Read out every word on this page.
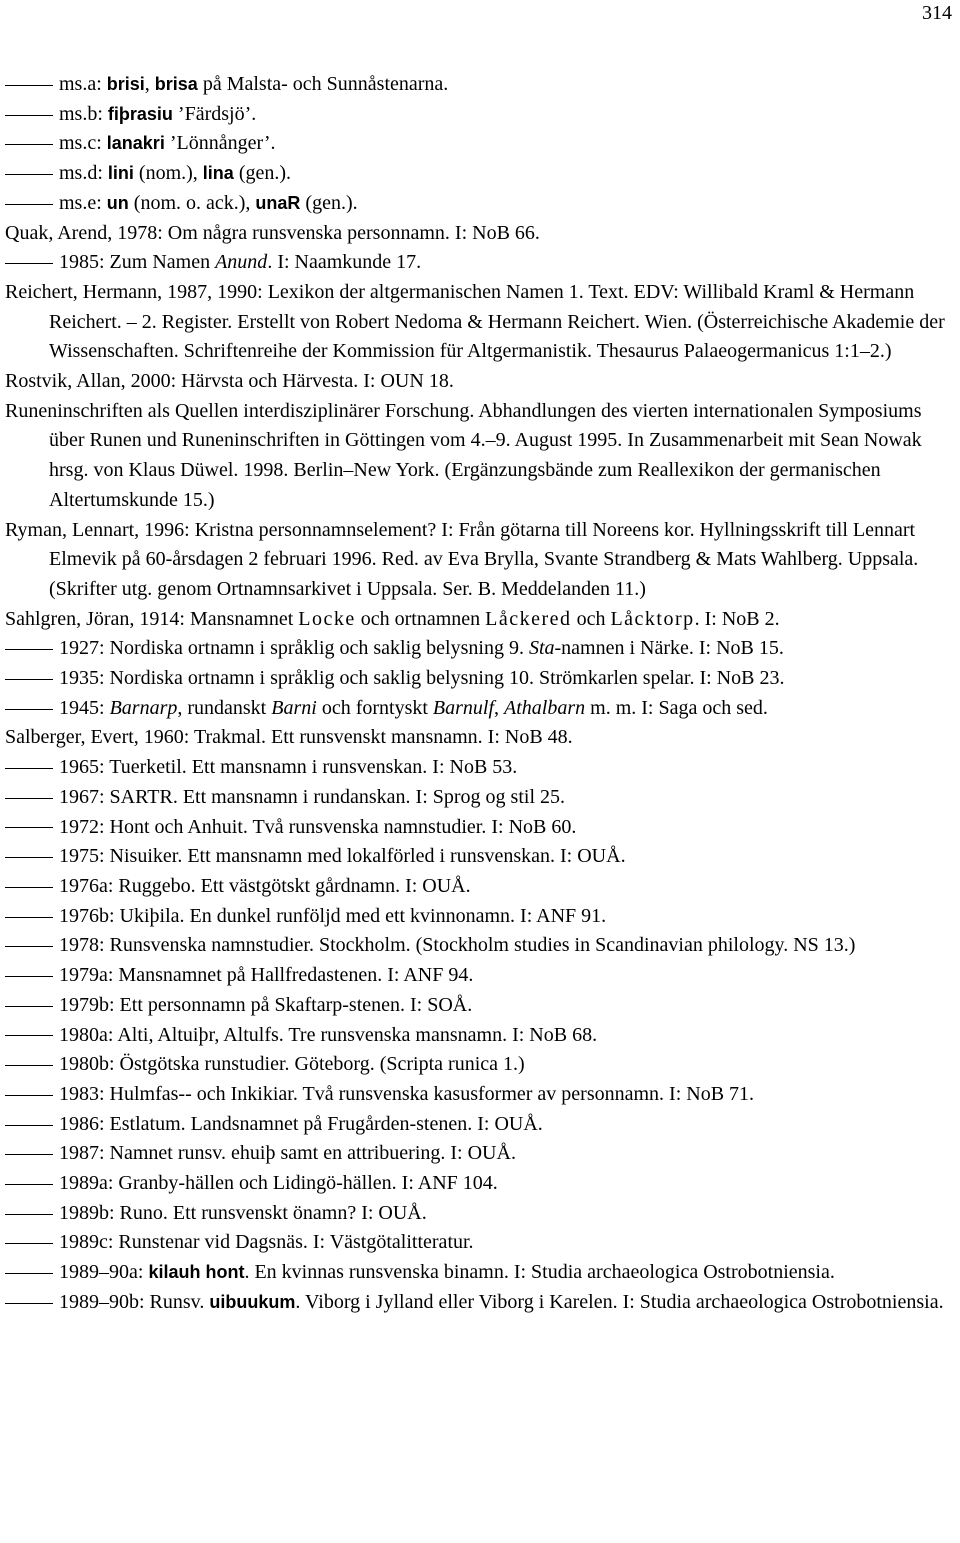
314
ms.a: brisi, brisa på Malsta- och Sunnåstenarna.
ms.b: fiþrasiu ’Färdsjö’.
ms.c: lanakri ’Lönnånger’.
ms.d: lini (nom.), lina (gen.).
ms.e: un (nom. o. ack.), unaR (gen.).
Quak, Arend, 1978: Om några runsvenska personnamn. I: NoB 66.
1985: Zum Namen Anund. I: Naamkunde 17.
Reichert, Hermann, 1987, 1990: Lexikon der altgermanischen Namen 1. Text. EDV: Willibald Kraml & Hermann Reichert. – 2. Register. Erstellt von Robert Nedoma & Hermann Reichert. Wien. (Österreichische Akademie der Wissenschaften. Schriftenreihe der Kommission für Altgermanistik. Thesaurus Palaeogermanicus 1:1–2.)
Rostvik, Allan, 2000: Härvsta och Härvesta. I: OUN 18.
Runeninschriften als Quellen interdisziplinärer Forschung. Abhandlungen des vierten internationalen Symposiums über Runen und Runeninschriften in Göttingen vom 4.–9. August 1995. In Zusammenarbeit mit Sean Nowak hrsg. von Klaus Düwel. 1998. Berlin–New York. (Ergänzungsbände zum Reallexikon der germanischen Altertumskunde 15.)
Ryman, Lennart, 1996: Kristna personnamnselement? I: Från götarna till Noreens kor. Hyllningsskrift till Lennart Elmevik på 60-årsdagen 2 februari 1996. Red. av Eva Brylla, Svante Strandberg & Mats Wahlberg. Uppsala. (Skrifter utg. genom Ortnamnsarkivet i Uppsala. Ser. B. Meddelanden 11.)
Sahlgren, Jöran, 1914: Mansnamnet Locke och ortnamnen Låckered och Låcktorp. I: NoB 2.
1927: Nordiska ortnamn i språklig och saklig belysning 9. Sta-namnen i Närke. I: NoB 15.
1935: Nordiska ortnamn i språklig och saklig belysning 10. Strömkarlen spelar. I: NoB 23.
1945: Barnarp, rundanskt Barni och forntyskt Barnulf, Athalbarn m. m. I: Saga och sed.
Salberger, Evert, 1960: Trakmal. Ett runsvenskt mansnamn. I: NoB 48.
1965: Tuerketil. Ett mansnamn i runsvenskan. I: NoB 53.
1967: SARTR. Ett mansnamn i rundanskan. I: Sprog og stil 25.
1972: Hont och Anhuit. Två runsvenska namnstudier. I: NoB 60.
1975: Nisuiker. Ett mansnamn med lokalförled i runsvenskan. I: OUÅ.
1976a: Ruggebo. Ett västgötskt gårdnamn. I: OUÅ.
1976b: Ukiþila. En dunkel runföljd med ett kvinnonamn. I: ANF 91.
1978: Runsvenska namnstudier. Stockholm. (Stockholm studies in Scandinavian philology. NS 13.)
1979a: Mansnamnet på Hallfredastenen. I: ANF 94.
1979b: Ett personnamn på Skaftarp-stenen. I: SOÅ.
1980a: Alti, Altuiþr, Altulfs. Tre runsvenska mansnamn. I: NoB 68.
1980b: Östgötska runstudier. Göteborg. (Scripta runica 1.)
1983: Hulmfas-- och Inkikiar. Två runsvenska kasusformer av personnamn. I: NoB 71.
1986: Estlatum. Landsnamnet på Frugården-stenen. I: OUÅ.
1987: Namnet runsv. ehuiþ samt en attribuering. I: OUÅ.
1989a: Granby-hällen och Lidingö-hällen. I: ANF 104.
1989b: Runo. Ett runsvenskt önamn? I: OUÅ.
1989c: Runstenar vid Dagsnäs. I: Västgötalitteratur.
1989–90a: kilauh hont. En kvinnas runsvenska binamn. I: Studia archaeologica Ostrobotniensia.
1989–90b: Runsv. uibuukum. Viborg i Jylland eller Viborg i Karelen. I: Studia archaeologica Ostrobotniensia.
